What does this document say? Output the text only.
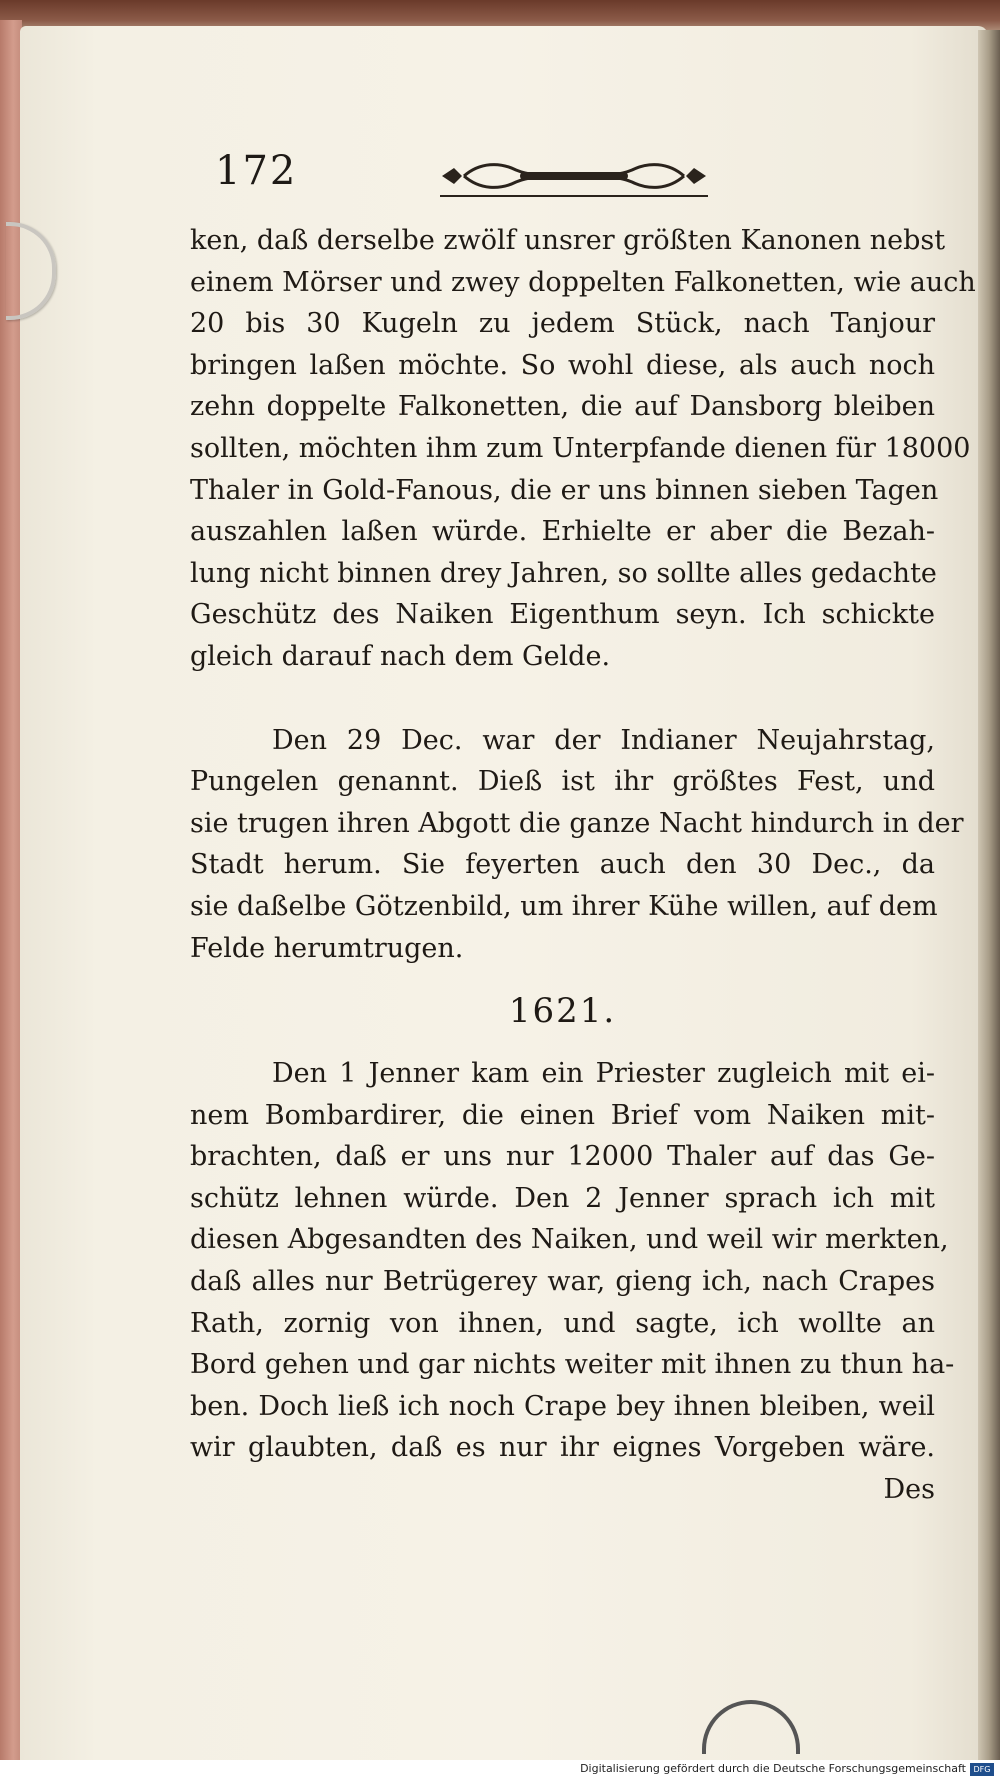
172
ken, daß derselbe zwölf unsrer größten Kanonen nebst
einem Mörser und zwey doppelten Falkonetten, wie auch
20 bis 30 Kugeln zu jedem Stück, nach Tanjour
bringen laßen möchte. So wohl diese, als auch noch
zehn doppelte Falkonetten, die auf Dansborg bleiben
sollten, möchten ihm zum Unterpfande dienen für 18000
Thaler in Gold-Fanous, die er uns binnen sieben Tagen
auszahlen laßen würde. Erhielte er aber die Bezah-
lung nicht binnen drey Jahren, so sollte alles gedachte
Geschütz des Naiken Eigenthum seyn. Ich schickte
gleich darauf nach dem Gelde.
Den 29 Dec. war der Indianer Neujahrstag,
Pungelen genannt. Dieß ist ihr größtes Fest, und
sie trugen ihren Abgott die ganze Nacht hindurch in der
Stadt herum. Sie feyerten auch den 30 Dec., da
sie daßelbe Götzenbild, um ihrer Kühe willen, auf dem
Felde herumtrugen.
1621.
Den 1 Jenner kam ein Priester zugleich mit ei-
nem Bombardirer, die einen Brief vom Naiken mit-
brachten, daß er uns nur 12000 Thaler auf das Ge-
schütz lehnen würde. Den 2 Jenner sprach ich mit
diesen Abgesandten des Naiken, und weil wir merkten,
daß alles nur Betrügerey war, gieng ich, nach Crapes
Rath, zornig von ihnen, und sagte, ich wollte an
Bord gehen und gar nichts weiter mit ihnen zu thun ha-
ben. Doch ließ ich noch Crape bey ihnen bleiben, weil
wir glaubten, daß es nur ihr eignes Vorgeben wäre.
Des
Digitalisierung gefördert durch die Deutsche Forschungsgemeinschaft DFG
